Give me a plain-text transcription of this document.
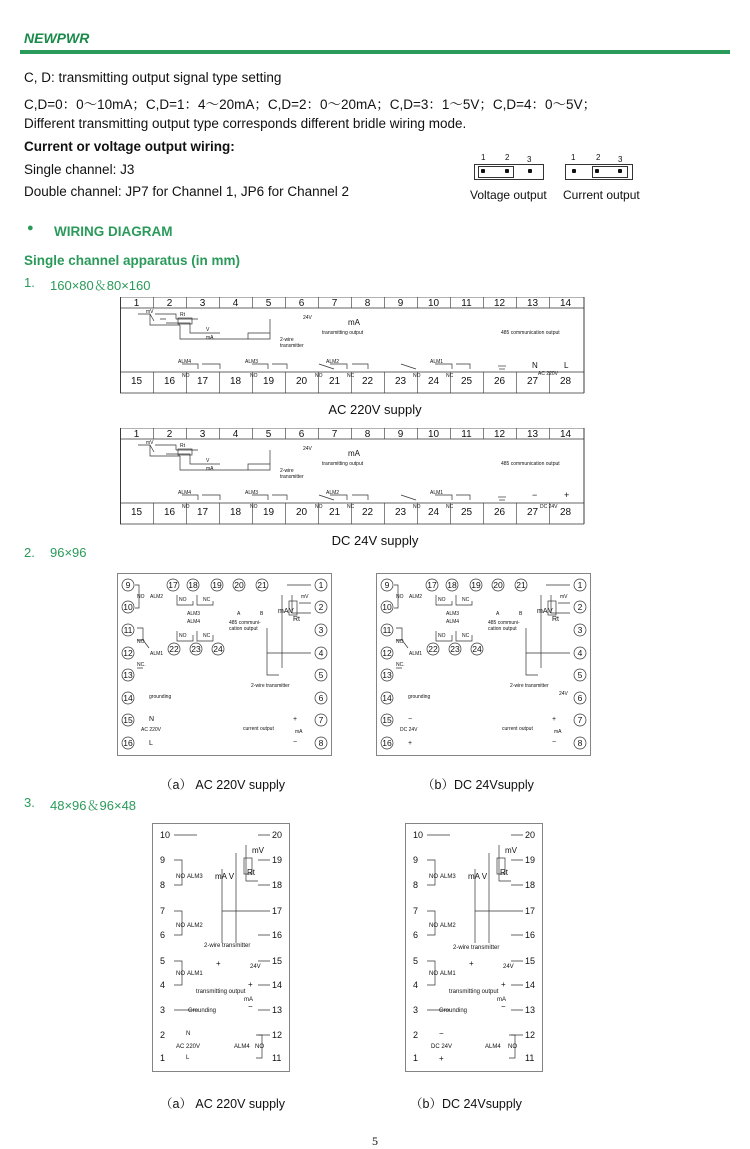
NEWPWR
C, D: transmitting output signal type setting
C,D=0：0～10mA；C,D=1：4～20mA；C,D=2：0～20mA；C,D=3：1～5V；C,D=4：0～5V；
Different transmitting output type corresponds different bridle wiring mode.
Current or voltage output wiring:
Single channel: J3
Double channel: JP7 for Channel 1, JP6 for Channel 2
1 2 3
Voltage output
1	2 3
Current output
● WIRING DIAGRAM
Single channel apparatus (in mm)
1. 160×80＆80×160
2. 96×96
3. 48×96＆96×48
1	2	3	4	5	6	7	8	9 10 11 12 13 14
15 16 17 18 19 20 21 22 23 24 25 26 27 28
mV	Rt
V
mA
24V
2-wire
transmitter
transmitting output	485 communication output
ALM4	ALM3	ALM2	ALM1
NO	NO	NO	NC	NO	NC	AC 220V
N	L
mA
AC 220V supply
1	2	3	4	5	6	7	8	9 10 11 12 13 14
15 16 17 18 19 20 21 22 23 24 25 26 27 28
mV	Rt
V
mA
24V
2-wire
transmitter
transmitting output	485 communication output
ALM4	ALM3	ALM2	ALM1
NO	NO	NO	NC	NO	NC	DC 24V
−	+
mA
DC 24V supply
9
10
11
12
13
14
15
16
1
2
3
4
5
6
7
8
17 18 19 20 21
22 23 24
NO ALM2	NO	NC
ALM3
ALM4
NO	NC
NO
ALM1
NC.
A	B
485 communi-
cation output
mV
2-wire transmitter
grounding
current output	mA
AC 220V
mA V
Rt
N
L
+
−
9
10
11
12
13
14
15
16
1
2
3
4
5
6
7
8
17 18 19 20 21
22 23 24
NO ALM2	NO	NC
ALM3
ALM4
NO	NC
NO
ALM1
NC.
A	B
485 communi-
cation output
mV
2-wire transmitter
24V
grounding
current output	mA
DC 24V
mA V
Rt
−
+
+
−
（a） AC 220V supply	（b）DC 24Vsupply
10	20
9	19
8	18
7	17
6	16
5	15
4	14
3	13
2	12
1	11
NO ALM3
NO ALM2
NO ALM1
2-wire transmitter
24V
transmitting output
mA
Grounding
N
AC 220V
L
ALM4 NO
mV
mA V Rt
+
+
−
10	20
9	19
8	18
7	17
6	16
5	15
4	14
3	13
2	12
1	11
NO ALM3
NO ALM2
NO ALM1
2-wire transmitter
24V
transmitting output
mA
Grounding
DC 24V	ALM4 NO
mV
mA V Rt
+
+
−
−
+
（a） AC 220V supply	（b）DC 24Vsupply
5
